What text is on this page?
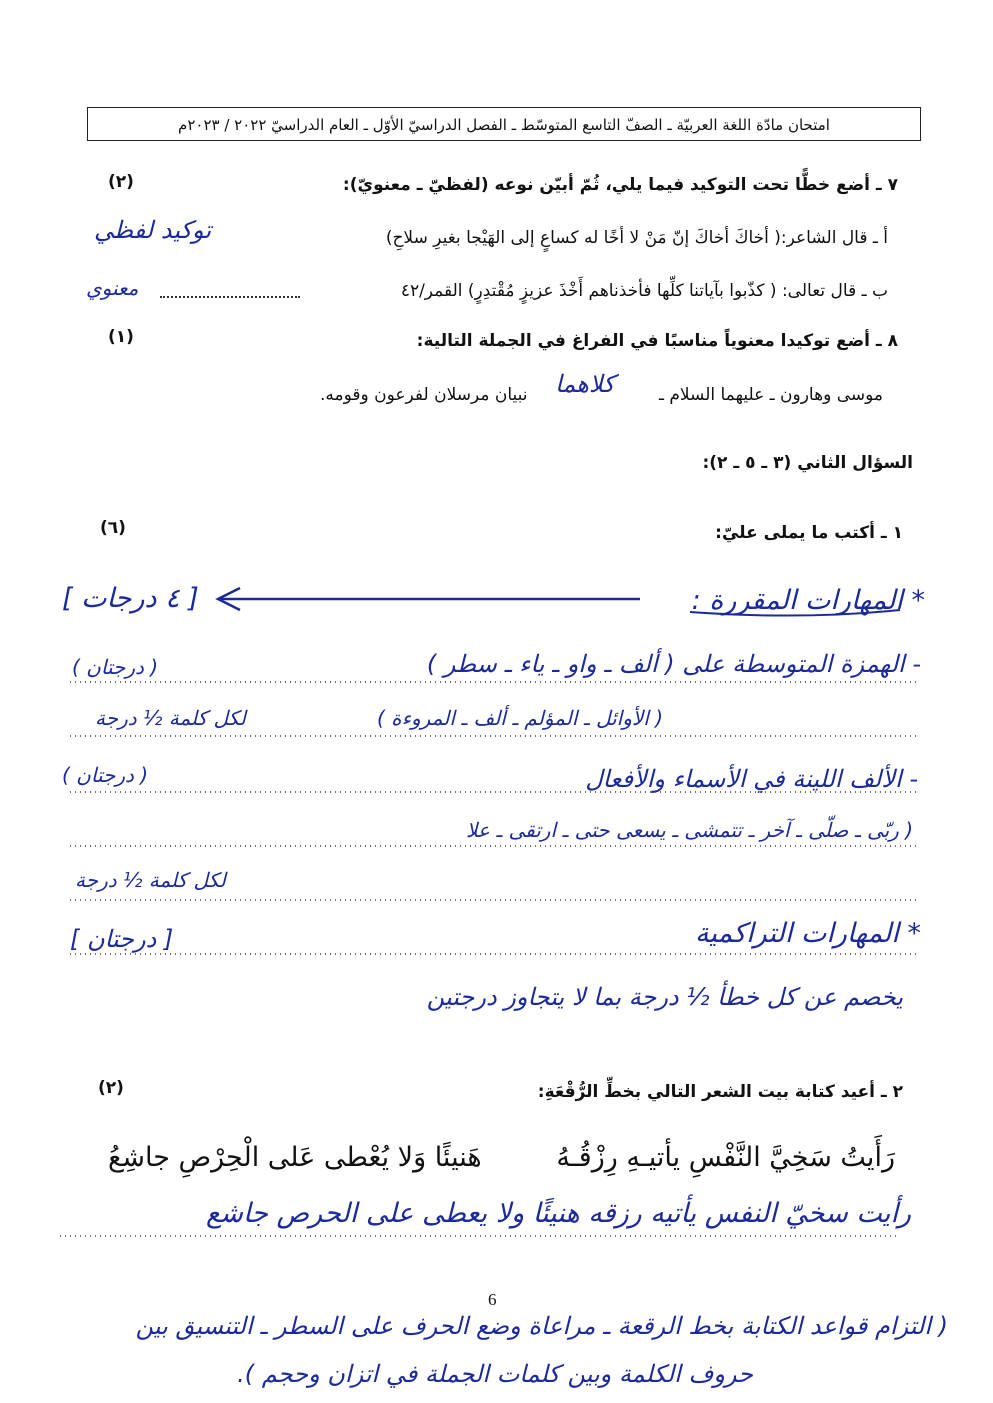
امتحان مادّة اللغة العربيّة ـ الصفّ التاسع المتوسّط ـ الفصل الدراسيّ الأوّل ـ العام الدراسيّ ٢٠٢٢ / ٢٠٢٣م
٧ ـ أضع خطًّا تحت التوكيد فيما يلي، ثُمّ أبيّن نوعه (لفظيّ ـ معنويّ):
(٢)
أ ـ قال الشاعر:( أخاكَ أخاكَ إنّ مَنْ لا أخًا له كساعٍ إلى الهَيْجا بغيرِ سلاحِ)
توكيد لفظي
ب ـ قال تعالى: ( كذّبوا بآياتنا كلِّها فأخذناهم أَخْذَ عزيزٍ مُقْتدِرٍ) القمر/٤٢
معنوي
٨ ـ أضع توكيدا معنوياً مناسبًا في الفراغ في الجملة التالية:
(١)
موسى وهارون ـ عليهما السلام ـ
كلاهما
نبيان مرسلان لفرعون وقومه.
السؤال الثاني (٣ ـ ٥ ـ ٢):
١ ـ أكتب ما يملى عليّ:
(٦)
* المهارات المقررة :
[ ٤ درجات ]
- الهمزة المتوسطة على ( ألف ـ واو ـ ياء ـ سطر )
( درجتان )
( الأوائل ـ المؤلم ـ ألف ـ المروءة )
لكل كلمة ½ درجة
- الألف اللينة في الأسماء والأفعال
( درجتان )
( ربّى ـ صلّى ـ آخر ـ تتمشى ـ يسعى حتى ـ ارتقى ـ علا
لكل كلمة ½ درجة
* المهارات التراكمية
[ درجتان ]
يخصم عن كل خطأ ½ درجة بما لا يتجاوز درجتين
٢ ـ أعيد كتابة بيت الشعر التالي بخطِّ الرُّقْعَةِ:
(٢)
رَأَيتُ سَخِيَّ النَّفْسِ يأتيـهِ رِزْقُـهُ
هَنيئًا وَلا يُعْطى عَلى الْحِرْصِ جاشِعُ
رأيت سخيّ النفس يأتيه رزقه هنيئًا ولا يعطى على الحرص جاشع
6
( التزام قواعد الكتابة بخط الرقعة ـ مراعاة وضع الحرف على السطر ـ التنسيق بين
حروف الكلمة وبين كلمات الجملة في اتزان وحجم ).
